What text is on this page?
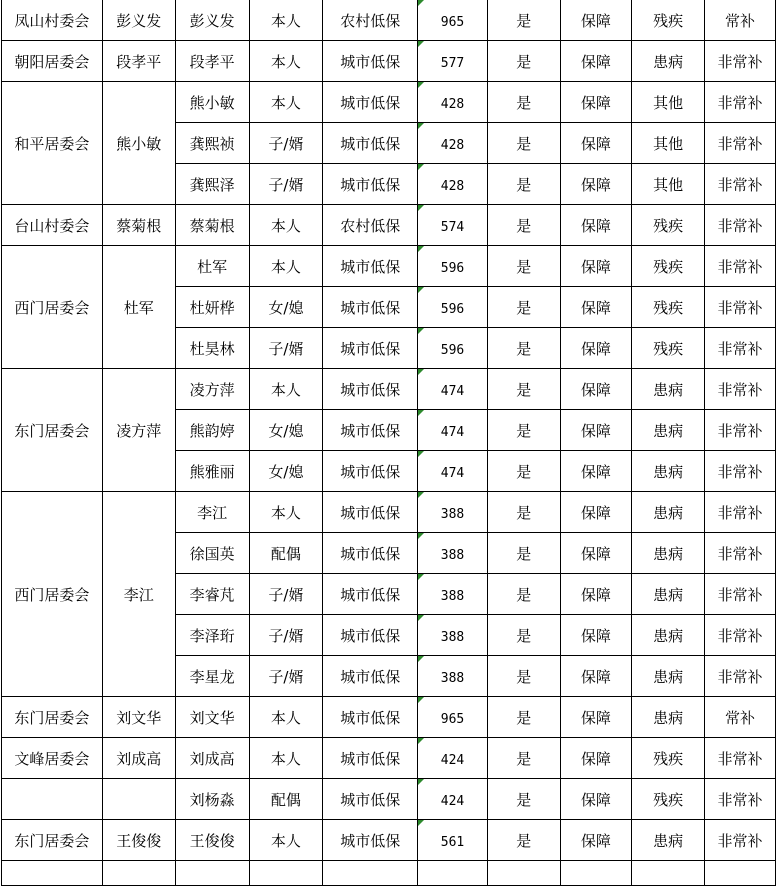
凤山村委会	彭义发	彭义发	本人	农村低保	965	是	保障	残疾	常补
朝阳居委会	段孝平	段孝平	本人	城市低保	577	是	保障	患病	非常补
和平居委会	熊小敏	熊小敏	本人	城市低保	428	是	保障	其他	非常补
		龚熙祯	子/婿	城市低保	428	是	保障	其他	非常补
		龚熙泽	子/婿	城市低保	428	是	保障	其他	非常补
台山村委会	蔡菊根	蔡菊根	本人	农村低保	574	是	保障	残疾	非常补
西门居委会	杜军	杜军	本人	城市低保	596	是	保障	残疾	非常补
		杜妍桦	女/媳	城市低保	596	是	保障	残疾	非常补
		杜昊林	子/婿	城市低保	596	是	保障	残疾	非常补
东门居委会	凌方萍	凌方萍	本人	城市低保	474	是	保障	患病	非常补
		熊韵婷	女/媳	城市低保	474	是	保障	患病	非常补
		熊雅丽	女/媳	城市低保	474	是	保障	患病	非常补
西门居委会	李江	李江	本人	城市低保	388	是	保障	患病	非常补
		徐国英	配偶	城市低保	388	是	保障	患病	非常补
		李睿芃	子/婿	城市低保	388	是	保障	患病	非常补
		李泽珩	子/婿	城市低保	388	是	保障	患病	非常补
		李星龙	子/婿	城市低保	388	是	保障	患病	非常补
东门居委会	刘文华	刘文华	本人	城市低保	965	是	保障	患病	常补
文峰居委会	刘成高	刘成高	本人	城市低保	424	是	保障	残疾	非常补
		刘杨淼	配偶	城市低保	424	是	保障	残疾	非常补
东门居委会	王俊俊	王俊俊	本人	城市低保	561	是	保障	患病	非常补
